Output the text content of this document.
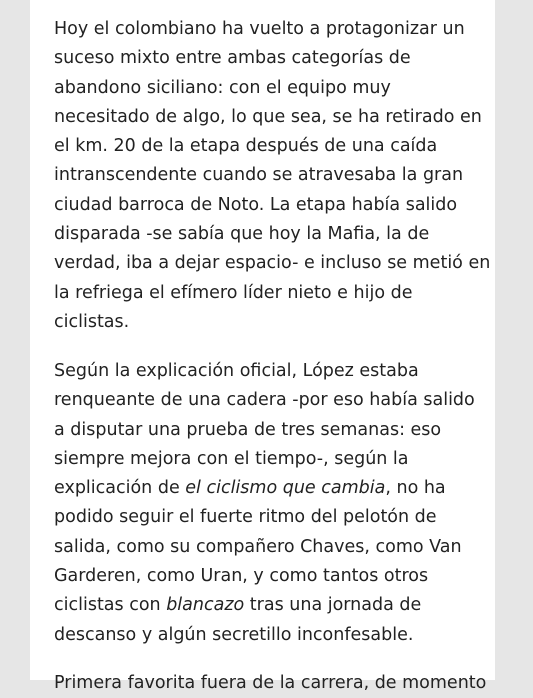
Hoy el colombiano ha vuelto a protagonizar un
suceso mixto entre ambas categorías de
abandono siciliano: con el equipo muy
necesitado de algo, lo que sea, se ha retirado en
el km. 20 de la etapa después de una caída
intranscendente cuando se atravesaba la gran
ciudad barroca de Noto. La etapa había salido
disparada -se sabía que hoy la Mafia, la de
verdad, iba a dejar espacio- e incluso se metió en
la refriega el efímero líder nieto e hijo de
ciclistas.

Según la explicación oficial, López estaba
renqueante de una cadera -por eso había salido
a disputar una prueba de tres semanas: eso
siempre mejora con el tiempo-, según la
explicación de el ciclismo que cambia, no ha
podido seguir el fuerte ritmo del pelotón de
salida, como su compañero Chaves, como Van
Garderen, como Uran, y como tantos otros
ciclistas con blancazo tras una jornada de
descanso y algún secretillo inconfesable.

Primera favorita fuera de la carrera, de momento
